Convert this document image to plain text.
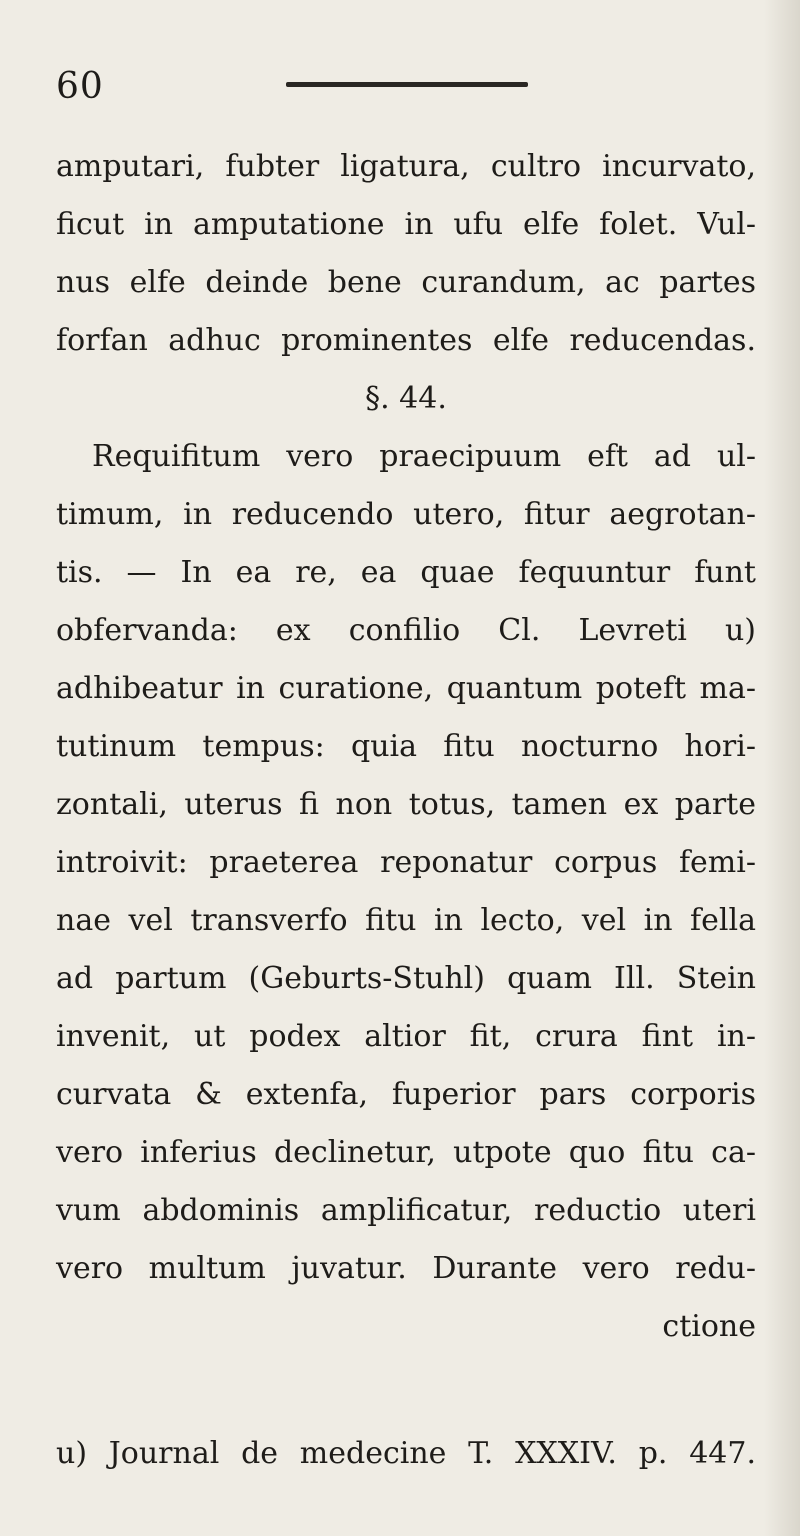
60
amputari, fubter ligatura, cultro incurvato,
ficut in amputatione in ufu elfe folet. Vul-
nus elfe deinde bene curandum, ac partes
forfan adhuc prominentes elfe reducendas.
§. 44.
Requifitum vero praecipuum eft ad ul-
timum, in reducendo utero, fitur aegrotan-
tis. — In ea re, ea quae fequuntur funt
obfervanda: ex confilio Cl. Levreti u)
adhibeatur in curatione, quantum poteft ma-
tutinum tempus: quia fitu nocturno hori-
zontali, uterus fi non totus, tamen ex parte
introivit: praeterea reponatur corpus femi-
nae vel transverfo fitu in lecto, vel in fella
ad partum (Geburts-Stuhl) quam Ill. Stein
invenit, ut podex altior fit, crura fint in-
curvata & extenfa, fuperior pars corporis
vero inferius declinetur, utpote quo fitu ca-
vum abdominis amplificatur, reductio uteri
vero multum juvatur. Durante vero redu-
ctione
u) Journal de medecine T. XXXIV. p. 447.
